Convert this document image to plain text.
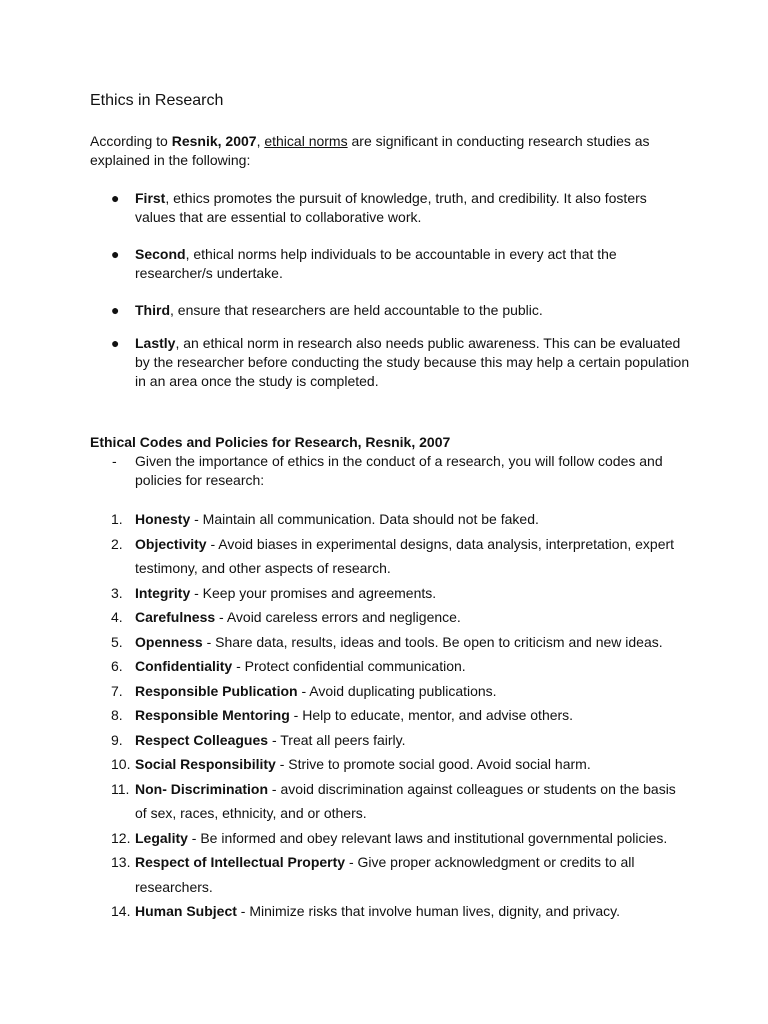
Ethics in Research

According to Resnik, 2007, ethical norms are significant in conducting research studies as explained in the following:

● First, ethics promotes the pursuit of knowledge, truth, and credibility. It also fosters values that are essential to collaborative work.
● Second, ethical norms help individuals to be accountable in every act that the researcher/s undertake.
● Third, ensure that researchers are held accountable to the public.
● Lastly, an ethical norm in research also needs public awareness. This can be evaluated by the researcher before conducting the study because this may help a certain population in an area once the study is completed.

Ethical Codes and Policies for Research, Resnik, 2007

- Given the importance of ethics in the conduct of a research, you will follow codes and policies for research:

1. Honesty - Maintain all communication. Data should not be faked.
2. Objectivity - Avoid biases in experimental designs, data analysis, interpretation, expert testimony, and other aspects of research.
3. Integrity - Keep your promises and agreements.
4. Carefulness - Avoid careless errors and negligence.
5. Openness - Share data, results, ideas and tools. Be open to criticism and new ideas.
6. Confidentiality - Protect confidential communication.
7. Responsible Publication - Avoid duplicating publications.
8. Responsible Mentoring - Help to educate, mentor, and advise others.
9. Respect Colleagues - Treat all peers fairly.
10. Social Responsibility - Strive to promote social good. Avoid social harm.
11. Non- Discrimination - avoid discrimination against colleagues or students on the basis of sex, races, ethnicity, and or others.
12. Legality - Be informed and obey relevant laws and institutional governmental policies.
13. Respect of Intellectual Property - Give proper acknowledgment or credits to all researchers.
14. Human Subject - Minimize risks that involve human lives, dignity, and privacy.
